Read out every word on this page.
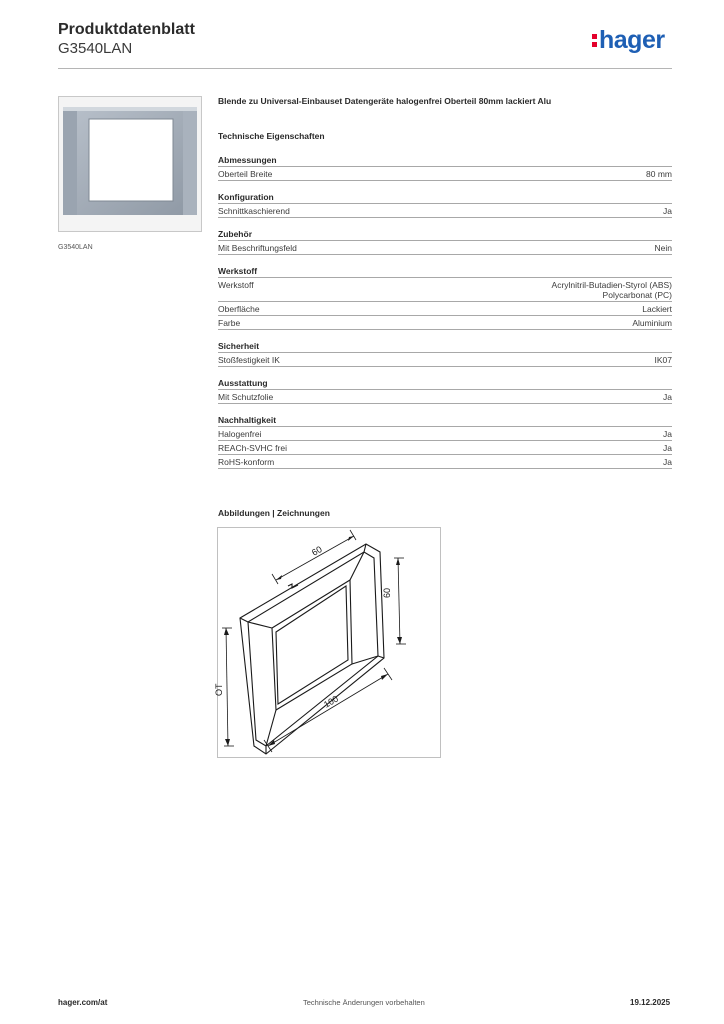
Produktdatenblatt
G3540LAN	hager
G3540LAN
Blende zu Universal-Einbauset Datengeräte halogenfrei Oberteil 80mm lackiert Alu
Technische Eigenschaften
Abmessungen
Oberteil Breite	80 mm
Konfiguration
Schnittkaschierend	Ja
Zubehör
Mit Beschriftungsfeld	Nein
Werkstoff
Werkstoff	Acrylnitril-Butadien-Styrol (ABS)
Polycarbonat (PC)
Oberfläche	Lackiert
Farbe	Aluminium
Sicherheit
Stoßfestigkeit IK	IK07
Ausstattung
Mit Schutzfolie	Ja
Nachhaltigkeit
Halogenfrei	Ja
REACh-SVHC frei	Ja
RoHS-konform	Ja
Abbildungen | Zeichnungen
60
60
100
OT
hager.com/at	Technische Änderungen vorbehalten	19.12.2025
